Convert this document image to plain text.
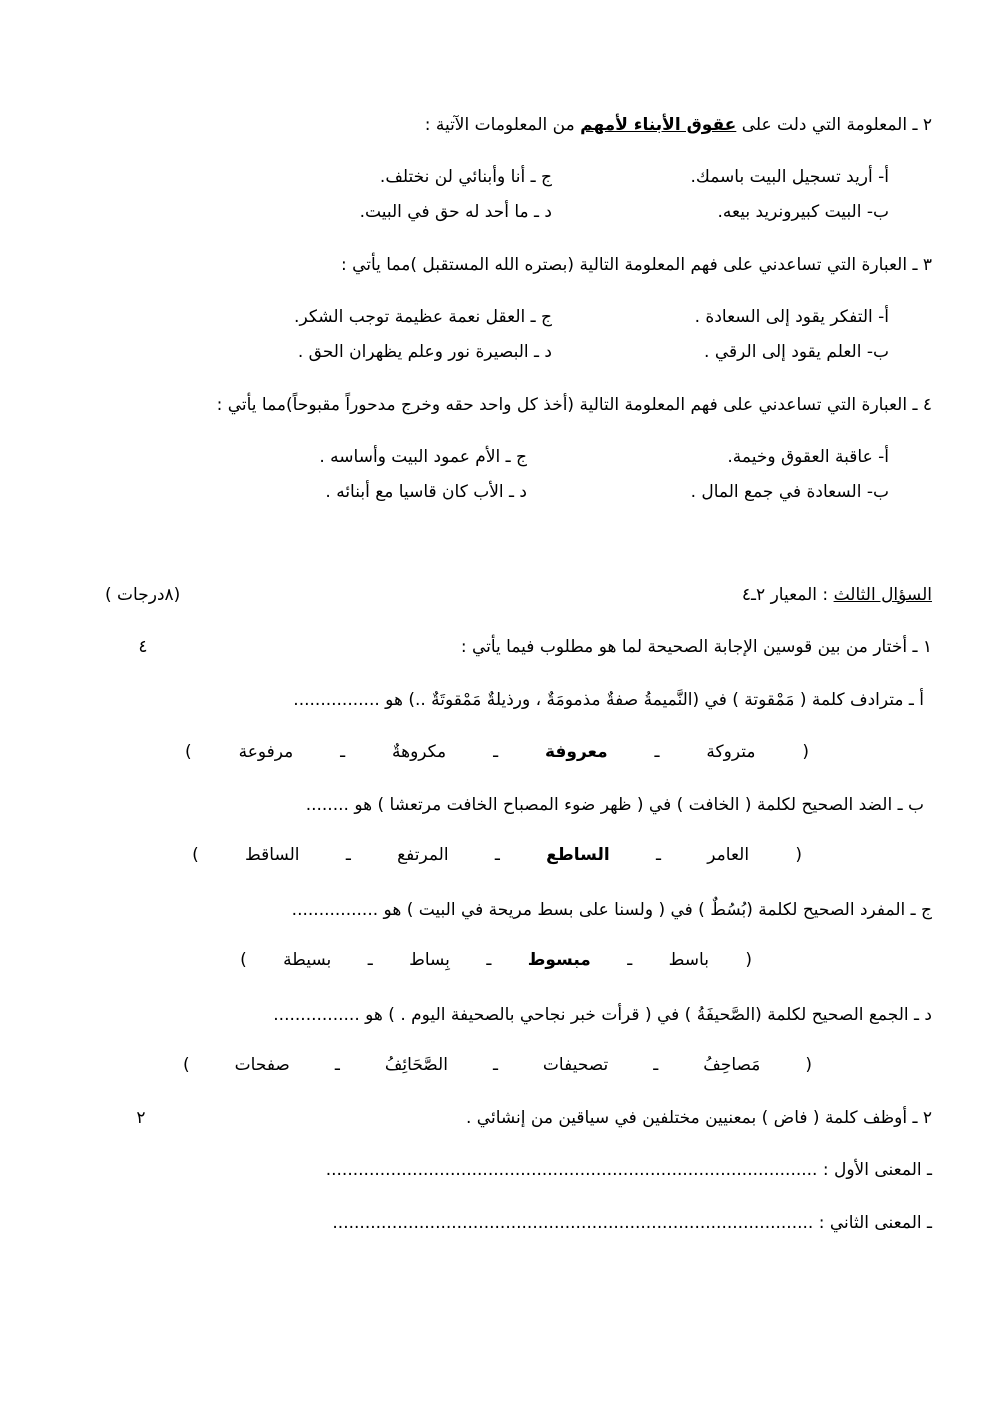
٢ ـ المعلومة التي دلت على عقوق الأبناء لأمهم من المعلومات الآتية :
أ- أريد تسجيل البيت باسمك.
ج ـ أنا وأبنائي لن نختلف.
ب- البيت كبيرونريد بيعه.
د ـ ما أحد له حق في البيت.
٣ ـ العبارة التي تساعدني على فهم المعلومة التالية (بصتره الله المستقبل )مما يأتي :
أ- التفكر يقود إلى السعادة .
ج ـ العقل نعمة عظيمة توجب الشكر.
ب- العلم يقود إلى الرقي .
د ـ البصيرة نور وعلم يظهران الحق .
٤ ـ العبارة التي تساعدني على فهم المعلومة التالية (أخذ كل واحد حقه وخرج مدحوراً مقبوحاً)مما يأتي :
أ- عاقبة العقوق وخيمة.
ج ـ الأم عمود البيت وأساسه .
ب- السعادة في جمع المال .
د ـ الأب كان قاسيا مع أبنائه .
السؤال الثالث : المعيار ٢ـ٤
(٨درجات )
١ ـ أختار من بين قوسين الإجابة الصحيحة لما هو مطلوب فيما يأتي :
٤
أ ـ مترادف كلمة ( مَمْقوتة ) في (النَّميمةُ صفةٌ مذمومَةٌ ، ورذيلةٌ مَمْقوتَةٌ ..) هو ................
(
متروكة
ـ
معروفة
ـ
مكروهةٌ
ـ
مرفوعة
)
ب ـ الضد الصحيح لكلمة ( الخافت ) في ( ظهر ضوء المصباح الخافت مرتعشا ) هو ........
(
العامر
ـ
الساطع
ـ
المرتفع
ـ
الساقط
)
ج ـ المفرد الصحيح لكلمة (بُسُطٌ ) في ( ولسنا على بسط مريحة في البيت ) هو ................
(
باسط
ـ
مبسوط
ـ
بِساط
ـ
بسيطة
)
د ـ الجمع الصحيح لكلمة (الصَّحيفَةُ ) في ( قرأت خبر نجاحي بالصحيفة اليوم . ) هو ................
(
مَصاحِفُ
ـ
تصحيفات
ـ
الصَّحَائِفُ
ـ
صفحات
)
٢ ـ أوظف كلمة ( فاض ) بمعنيين مختلفين في سياقين من إنشائي .
٢
ـ المعنى الأول : ...........................................................................................
ـ المعنى الثاني : .........................................................................................
